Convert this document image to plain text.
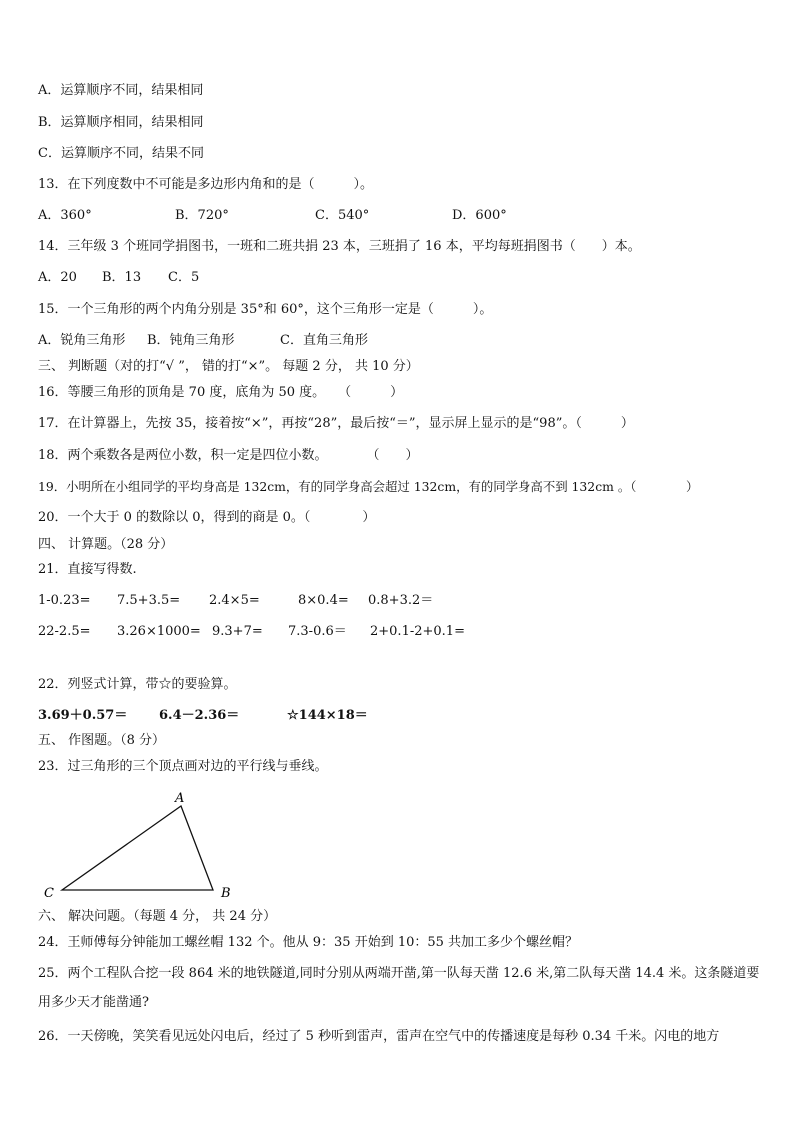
A．运算顺序不同，结果相同
B．运算顺序相同，结果相同
C．运算顺序不同，结果不同
13．在下列度数中不可能是多边形内角和的是（　　　）。
A．360°	B．720°	C．540°	D．600°
14．三年级 3 个班同学捐图书，一班和二班共捐 23 本，三班捐了 16 本，平均每班捐图书（　　）本。
A．20 B．13 C．5
15．一个三角形的两个内角分别是 35°和 60°，这个三角形一定是（　　　）。
A．锐角三角形 B．钝角三角形	C．直角三角形
三、 判断题（对的打“√ ”， 错的打“×”。 每题 2 分， 共 10 分）
16．等腰三角形的顶角是 70 度，底角为 50 度。　　（　　　）
17．在计算器上，先按 35，接着按“×”，再按“28”，最后按“＝”，显示屏上显示的是“98”。（　　　）
18．两个乘数各是两位小数，积一定是四位小数。　　　　（　　）
19．小明所在小组同学的平均身高是 132cm，有的同学身高会超过 132cm，有的同学身高不到 132cm 。（　　　　）
20．一个大于 0 的数除以 0，得到的商是 0。（　　　　）
四、 计算题。（28 分）
21．直接写得数.
1-0.23= 7.5+3.5= 2.4×5=	8×0.4= 0.8+3.2＝
22-2.5= 3.26×1000= 9.3+7= 7.3-0.6＝ 2+0.1-2+0.1=
22．列竖式计算，带☆的要验算。
3.69＋0.57＝ 6.4－2.36＝	☆144×18＝
五、 作图题。（8 分）
23．过三角形的三个顶点画对边的平行线与垂线。
A
B
C
六、 解决问题。（每题 4 分， 共 24 分）
24．王师傅每分钟能加工螺丝帽 132 个。他从 9：35 开始到 10：55 共加工多少个螺丝帽？
25．两个工程队合挖一段 864 米的地铁隧道,同时分别从两端开凿,第一队每天凿 12.6 米,第二队每天凿 14.4 米。这条隧道要用多少天才能凿通?
26．一天傍晚，笑笑看见远处闪电后，经过了 5 秒听到雷声，雷声在空气中的传播速度是每秒 0.34 千米。闪电的地方
